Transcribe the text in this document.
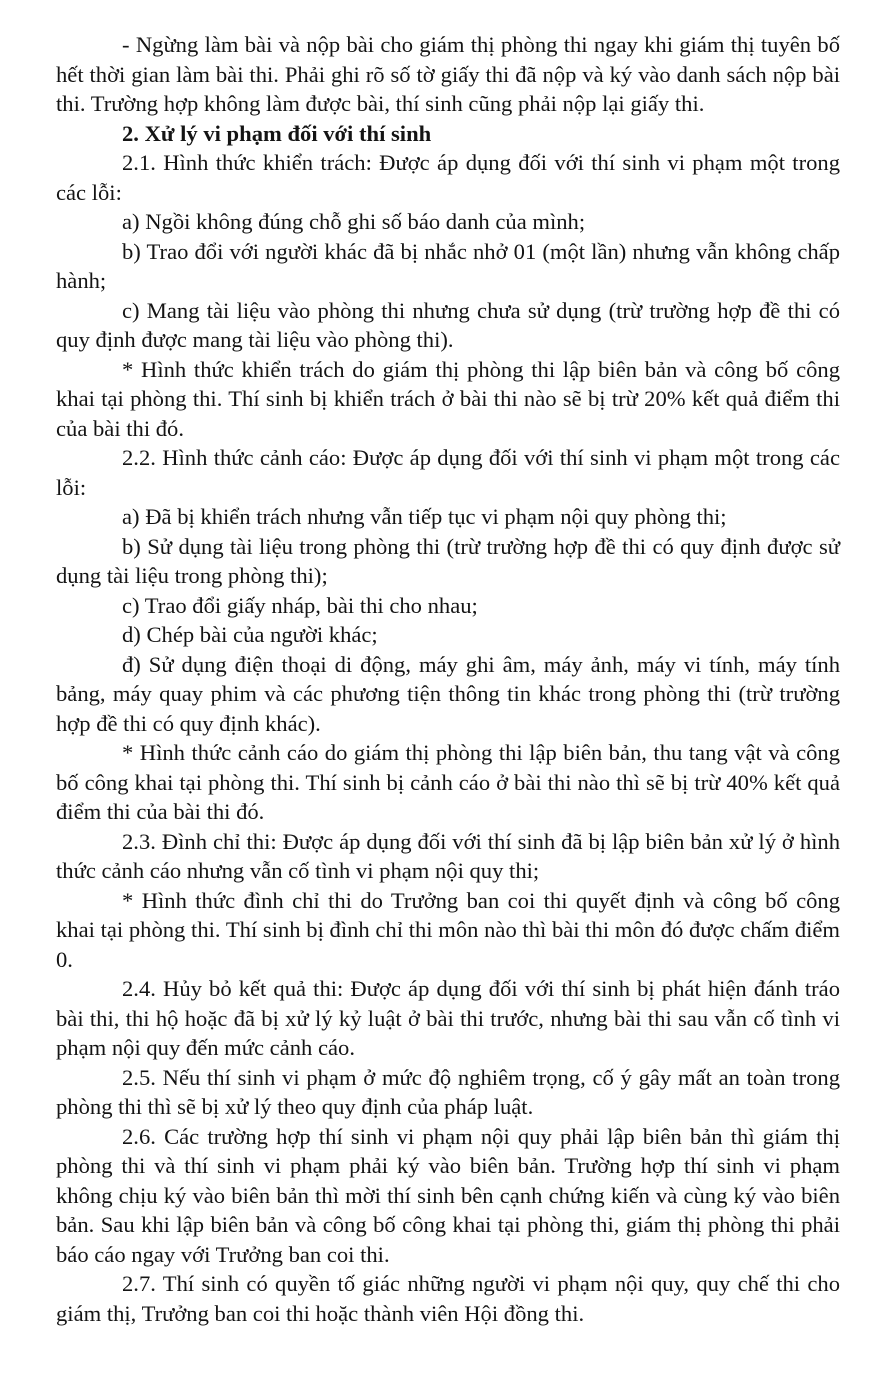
- Ngừng làm bài và nộp bài cho giám thị phòng thi ngay khi giám thị tuyên bố hết thời gian làm bài thi. Phải ghi rõ số tờ giấy thi đã nộp và ký vào danh sách nộp bài thi. Trường hợp không làm được bài, thí sinh cũng phải nộp lại giấy thi.

2. Xử lý vi phạm đối với thí sinh

2.1. Hình thức khiển trách: Được áp dụng đối với thí sinh vi phạm một trong các lỗi:

a) Ngồi không đúng chỗ ghi số báo danh của mình;

b) Trao đổi với người khác đã bị nhắc nhở 01 (một lần) nhưng vẫn không chấp hành;

c) Mang tài liệu vào phòng thi nhưng chưa sử dụng (trừ trường hợp đề thi có quy định được mang tài liệu vào phòng thi).

* Hình thức khiển trách do giám thị phòng thi lập biên bản và công bố công khai tại phòng thi. Thí sinh bị khiển trách ở bài thi nào sẽ bị trừ 20% kết quả điểm thi của bài thi đó.

2.2. Hình thức cảnh cáo: Được áp dụng đối với thí sinh vi phạm một trong các lỗi:

a) Đã bị khiển trách nhưng vẫn tiếp tục vi phạm nội quy phòng thi;

b) Sử dụng tài liệu trong phòng thi (trừ trường hợp đề thi có quy định được sử dụng tài liệu trong phòng thi);

c) Trao đổi giấy nháp, bài thi cho nhau;

d) Chép bài của người khác;

đ) Sử dụng điện thoại di động, máy ghi âm, máy ảnh, máy vi tính, máy tính bảng, máy quay phim và các phương tiện thông tin khác trong phòng thi (trừ trường hợp đề thi có quy định khác).

* Hình thức cảnh cáo do giám thị phòng thi lập biên bản, thu tang vật và công bố công khai tại phòng thi. Thí sinh bị cảnh cáo ở bài thi nào thì sẽ bị trừ 40% kết quả điểm thi của bài thi đó.

2.3. Đình chỉ thi: Được áp dụng đối với thí sinh đã bị lập biên bản xử lý ở hình thức cảnh cáo nhưng vẫn cố tình vi phạm nội quy thi;

* Hình thức đình chỉ thi do Trưởng ban coi thi quyết định và công bố công khai tại phòng thi. Thí sinh bị đình chỉ thi môn nào thì bài thi môn đó được chấm điểm 0.

2.4. Hủy bỏ kết quả thi: Được áp dụng đối với thí sinh bị phát hiện đánh tráo bài thi, thi hộ hoặc đã bị xử lý kỷ luật ở bài thi trước, nhưng bài thi sau vẫn cố tình vi phạm nội quy đến mức cảnh cáo.

2.5. Nếu thí sinh vi phạm ở mức độ nghiêm trọng, cố ý gây mất an toàn trong phòng thi thì sẽ bị xử lý theo quy định của pháp luật.

2.6. Các trường hợp thí sinh vi phạm nội quy phải lập biên bản thì giám thị phòng thi và thí sinh vi phạm phải ký vào biên bản. Trường hợp thí sinh vi phạm không chịu ký vào biên bản thì mời thí sinh bên cạnh chứng kiến và cùng ký vào biên bản. Sau khi lập biên bản và công bố công khai tại phòng thi, giám thị phòng thi phải báo cáo ngay với Trưởng ban coi thi.

2.7. Thí sinh có quyền tố giác những người vi phạm nội quy, quy chế thi cho giám thị, Trưởng ban coi thi hoặc thành viên Hội đồng thi.
